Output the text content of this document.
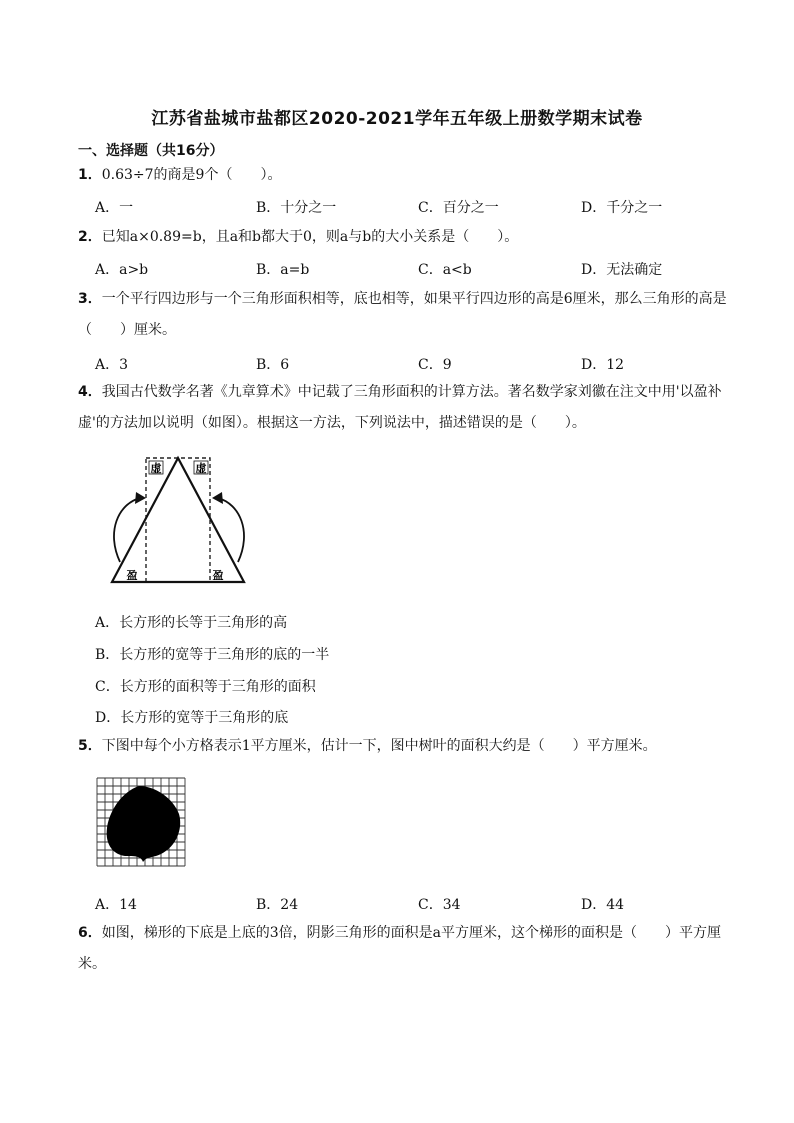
江苏省盐城市盐都区2020-2021学年五年级上册数学期末试卷
一、选择题（共16分）
1．0.63÷7的商是9个（　　）。
A．一	B．十分之一	C．百分之一	D．千分之一
2．已知a×0.89=b，且a和b都大于0，则a与b的大小关系是（　　）。
A．a>b	B．a=b	C．a<b	D．无法确定
3．一个平行四边形与一个三角形面积相等，底也相等，如果平行四边形的高是6厘米，那么三角形的高是（　　）厘米。
A．3	B．6	C．9	D．12
4．我国古代数学名著《九章算术》中记载了三角形面积的计算方法。著名数学家刘徽在注文中用'以盈补虚'的方法加以说明（如图）。根据这一方法，下列说法中，描述错误的是（　　）。
虚	虚
盈	盈
A．长方形的长等于三角形的高
B．长方形的宽等于三角形的底的一半
C．长方形的面积等于三角形的面积
D．长方形的宽等于三角形的底
5．下图中每个小方格表示1平方厘米，估计一下，图中树叶的面积大约是（　　）平方厘米。
A．14	B．24	C．34	D．44
6．如图，梯形的下底是上底的3倍，阴影三角形的面积是a平方厘米，这个梯形的面积是（　　）平方厘米。
